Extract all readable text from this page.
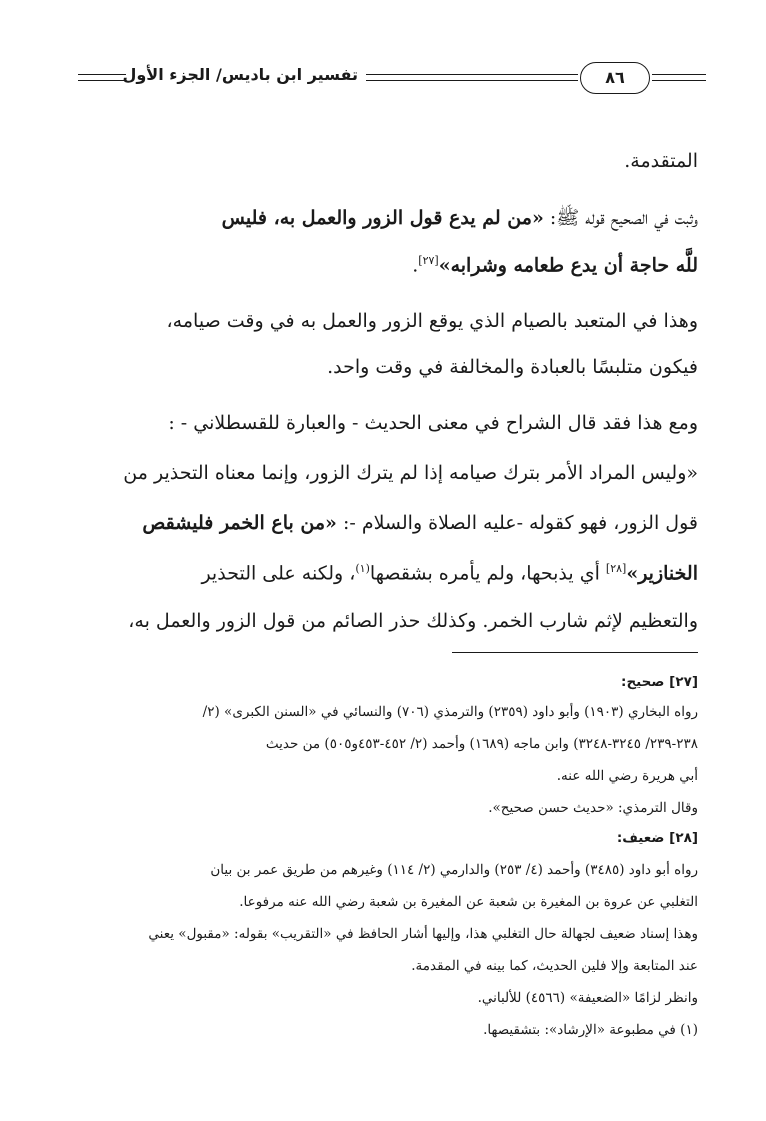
تفسير ابن باديس/ الجزء الأول	٨٦
المتقدمة.
وثبت في الصحيح قوله ﷺ: «من لم يدع قول الزور والعمل به، فليس
للَّه حاجة أن يدع طعامه وشرابه»[٢٧].
وهذا في المتعبد بالصيام الذي يوقع الزور والعمل به في وقت صيامه،
فيكون متلبسًا بالعبادة والمخالفة في وقت واحد.
ومع هذا فقد قال الشراح في معنى الحديث - والعبارة للقسطلاني - :
«وليس المراد الأمر بترك صيامه إذا لم يترك الزور، وإنما معناه التحذير من
قول الزور، فهو كقوله -عليه الصلاة والسلام -: «من باع الخمر فليشقص
الخنازير»[٢٨] أي يذبحها، ولم يأمره بشقصها$^{(١)}$، ولكنه على التحذير
والتعظيم لإثم شارب الخمر. وكذلك حذر الصائم من قول الزور والعمل به،
[٢٧] صحيح:
رواه البخاري (١٩٠٣) وأبو داود (٢٣٥٩) والترمذي (٧٠٦) والنسائي في «السنن الكبرى» (٢/
٢٣٨-٢٣٩/ ٣٢٤٥-٣٢٤٨) وابن ماجه (١٦٨٩) وأحمد (٢/ ٤٥٢-٤٥٣و٥٠٥) من حديث
أبي هريرة رضي الله عنه.
وقال الترمذي: «حديث حسن صحيح».
[٢٨] ضعيف:
رواه أبو داود (٣٤٨٥) وأحمد (٤/ ٢٥٣) والدارمي (٢/ ١١٤) وغيرهم من طريق عمر بن بيان
التغلبي عن عروة بن المغيرة بن شعبة عن المغيرة بن شعبة رضي الله عنه مرفوعا.
وهذا إسناد ضعيف لجهالة حال التغلبي هذا، وإليها أشار الحافظ في «التقريب» بقوله: «مقبول» يعني
عند المتابعة وإلا فلين الحديث، كما بينه في المقدمة.
وانظر لزامًا «الضعيفة» (٤٥٦٦) للألباني.
(١) في مطبوعة «الإرشاد»: بتشقيصها.
